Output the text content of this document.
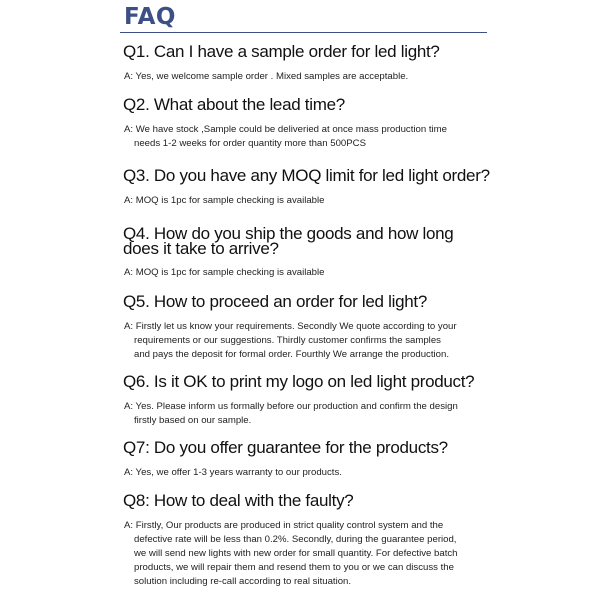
FAQ
Q1. Can I have a sample order for led light?
A: Yes, we welcome sample order . Mixed samples are acceptable.
Q2. What about the lead time?
A: We have stock ,Sample could be deliveried at once mass production time
needs 1-2 weeks for order quantity more than 500PCS
Q3. Do you have any MOQ limit for led light order?
A: MOQ is 1pc for sample checking is available
Q4. How do you ship the goods and how long does it take to arrive?
A: MOQ is 1pc for sample checking is available
Q5. How to proceed an order for led light?
A: Firstly let us know your requirements. Secondly We quote according to your
requirements or our suggestions. Thirdly customer confirms the samples
and pays the deposit for formal order. Fourthly We arrange the production.
Q6. Is it OK to print my logo on led light product?
A: Yes. Please inform us formally before our production and confirm the design
firstly based on our sample.
Q7: Do you offer guarantee for the products?
A: Yes, we offer 1-3 years warranty to our products.
Q8: How to deal with the faulty?
A: Firstly, Our products are produced in strict quality control system and the
defective rate will be less than 0.2%. Secondly, during the guarantee period,
we will send new lights with new order for small quantity. For defective batch
products, we will repair them and resend them to you or we can discuss the
solution including re-call according to real situation.
